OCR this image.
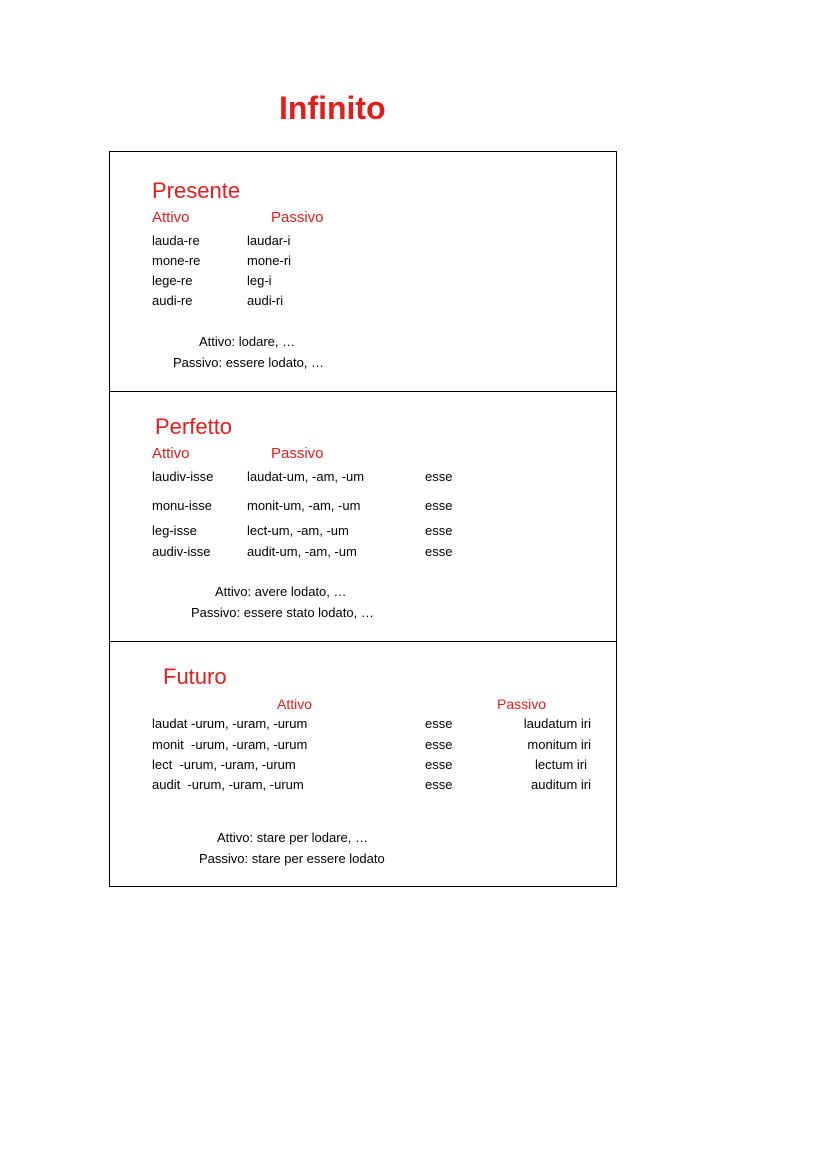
Infinito
Presente
Attivo	Passivo
lauda-re	laudar-i
mone-re	mone-ri
lege-re	leg-i
audi-re	audi-ri
Attivo: lodare, …
Passivo: essere lodato, …
Perfetto
Attivo	Passivo
laudiv-isse	laudat-um, -am, -um	esse
monu-isse	monit-um, -am, -um	esse
leg-isse	lect-um, -am, -um	esse
audiv-isse	audit-um, -am, -um	esse
Attivo: avere lodato, …
Passivo: essere stato lodato, …
Futuro
Attivo	Passivo
laudat -urum, -uram, -urum	esse	laudatum iri
monit  -urum, -uram, -urum	esse	monitum iri
lect  -urum, -uram, -urum	esse	lectum iri
audit  -urum, -uram, -urum	esse	auditum iri
Attivo: stare per lodare, …
Passivo: stare per essere lodato
